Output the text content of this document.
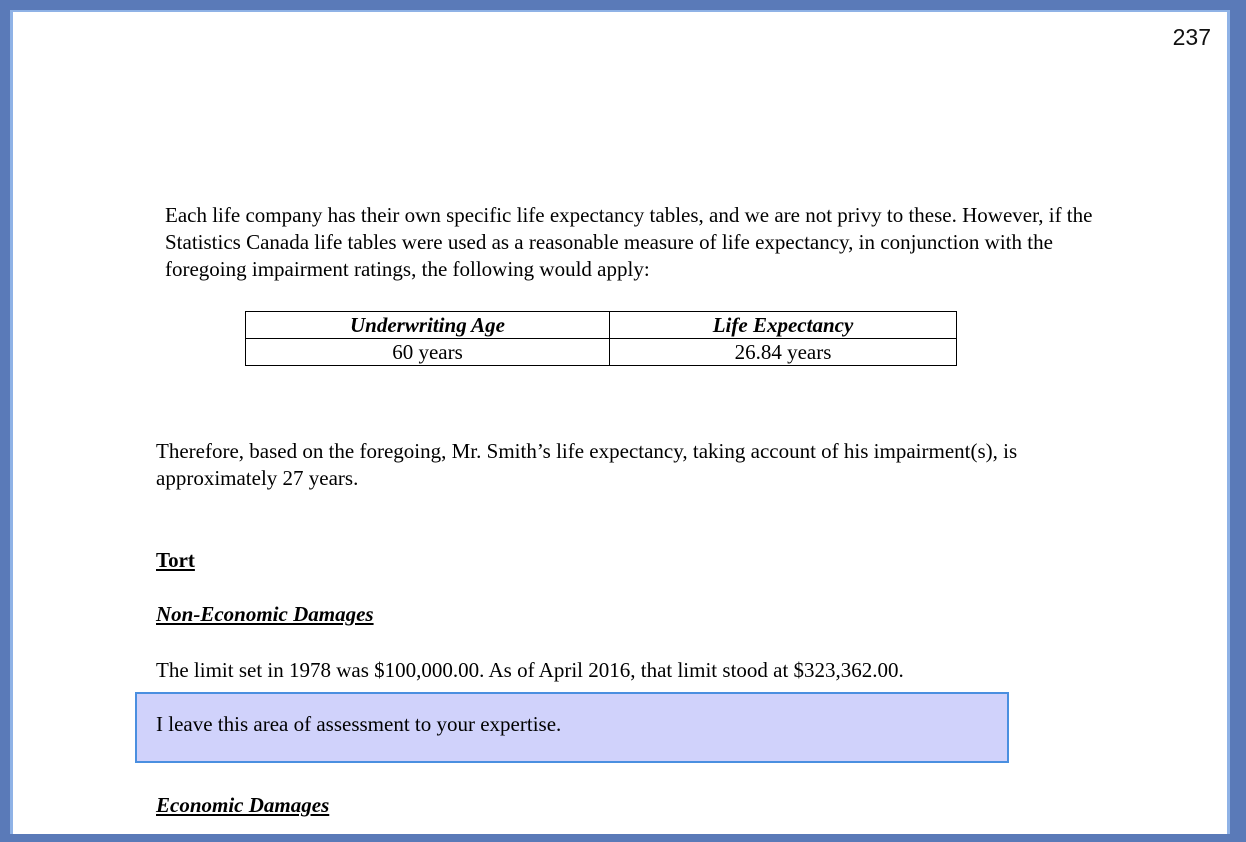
237

Each life company has their own specific life expectancy tables, and we are not privy to these. However, if the Statistics Canada life tables were used as a reasonable measure of life expectancy, in conjunction with the foregoing impairment ratings, the following would apply:

Underwriting Age	Life Expectancy
60 years	26.84 years

Therefore, based on the foregoing, Mr. Smith’s life expectancy, taking account of his impairment(s), is approximately 27 years.

Tort
Non-Economic Damages

The limit set in 1978 was $100,000.00. As of April 2016, that limit stood at $323,362.00.

I leave this area of assessment to your expertise.
Economic Damages
